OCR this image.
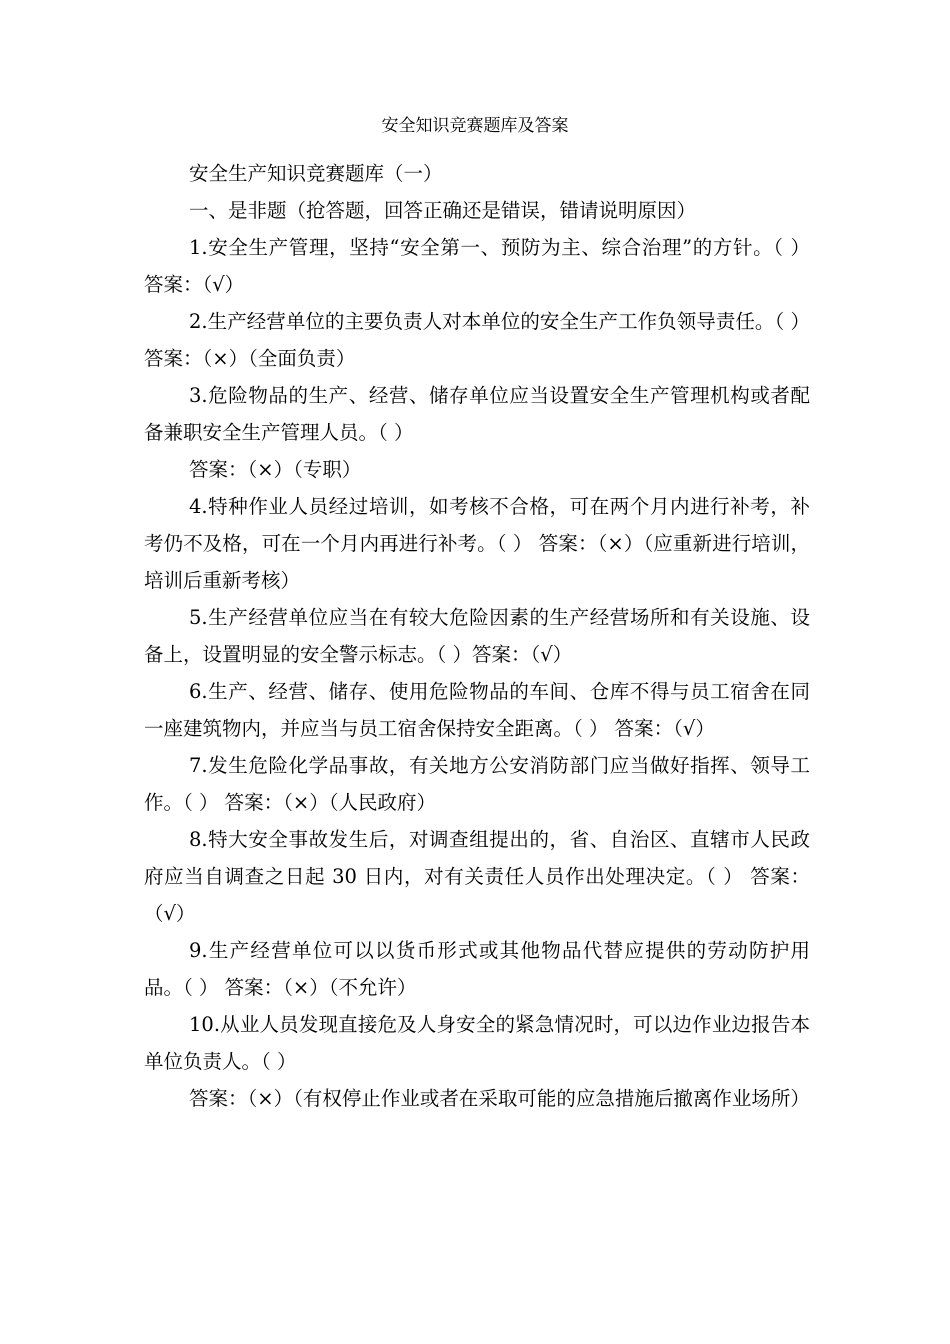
安全知识竞赛题库及答案

安全生产知识竞赛题库（一）

一、是非题（抢答题，回答正确还是错误，错请说明原因）

1.安全生产管理，坚持“安全第一、预防为主、综合治理”的方针。（ ） 答案：（√）

2.生产经营单位的主要负责人对本单位的安全生产工作负领导责任。（ ） 答案：（×）（全面负责）

3.危险物品的生产、经营、储存单位应当设置安全生产管理机构或者配备兼职安全生产管理人员。（ ）

答案：（×）（专职）

4.特种作业人员经过培训，如考核不合格，可在两个月内进行补考，补考仍不及格，可在一个月内再进行补考。（ ） 答案：（×）（应重新进行培训，培训后重新考核）

5.生产经营单位应当在有较大危险因素的生产经营场所和有关设施、设备上，设置明显的安全警示标志。（ ）答案：（√）

6.生产、经营、储存、使用危险物品的车间、仓库不得与员工宿舍在同一座建筑物内，并应当与员工宿舍保持安全距离。（ ） 答案：（√）

7.发生危险化学品事故，有关地方公安消防部门应当做好指挥、领导工作。（ ） 答案：（×）（人民政府）

8.特大安全事故发生后，对调查组提出的，省、自治区、直辖市人民政府应当自调查之日起 30 日内，对有关责任人员作出处理决定。（ ） 答案：（√）

9.生产经营单位可以以货币形式或其他物品代替应提供的劳动防护用品。（ ） 答案：（×）（不允许）

10.从业人员发现直接危及人身安全的紧急情况时，可以边作业边报告本单位负责人。（ ）

答案：（×）（有权停止作业或者在采取可能的应急措施后撤离作业场所）
